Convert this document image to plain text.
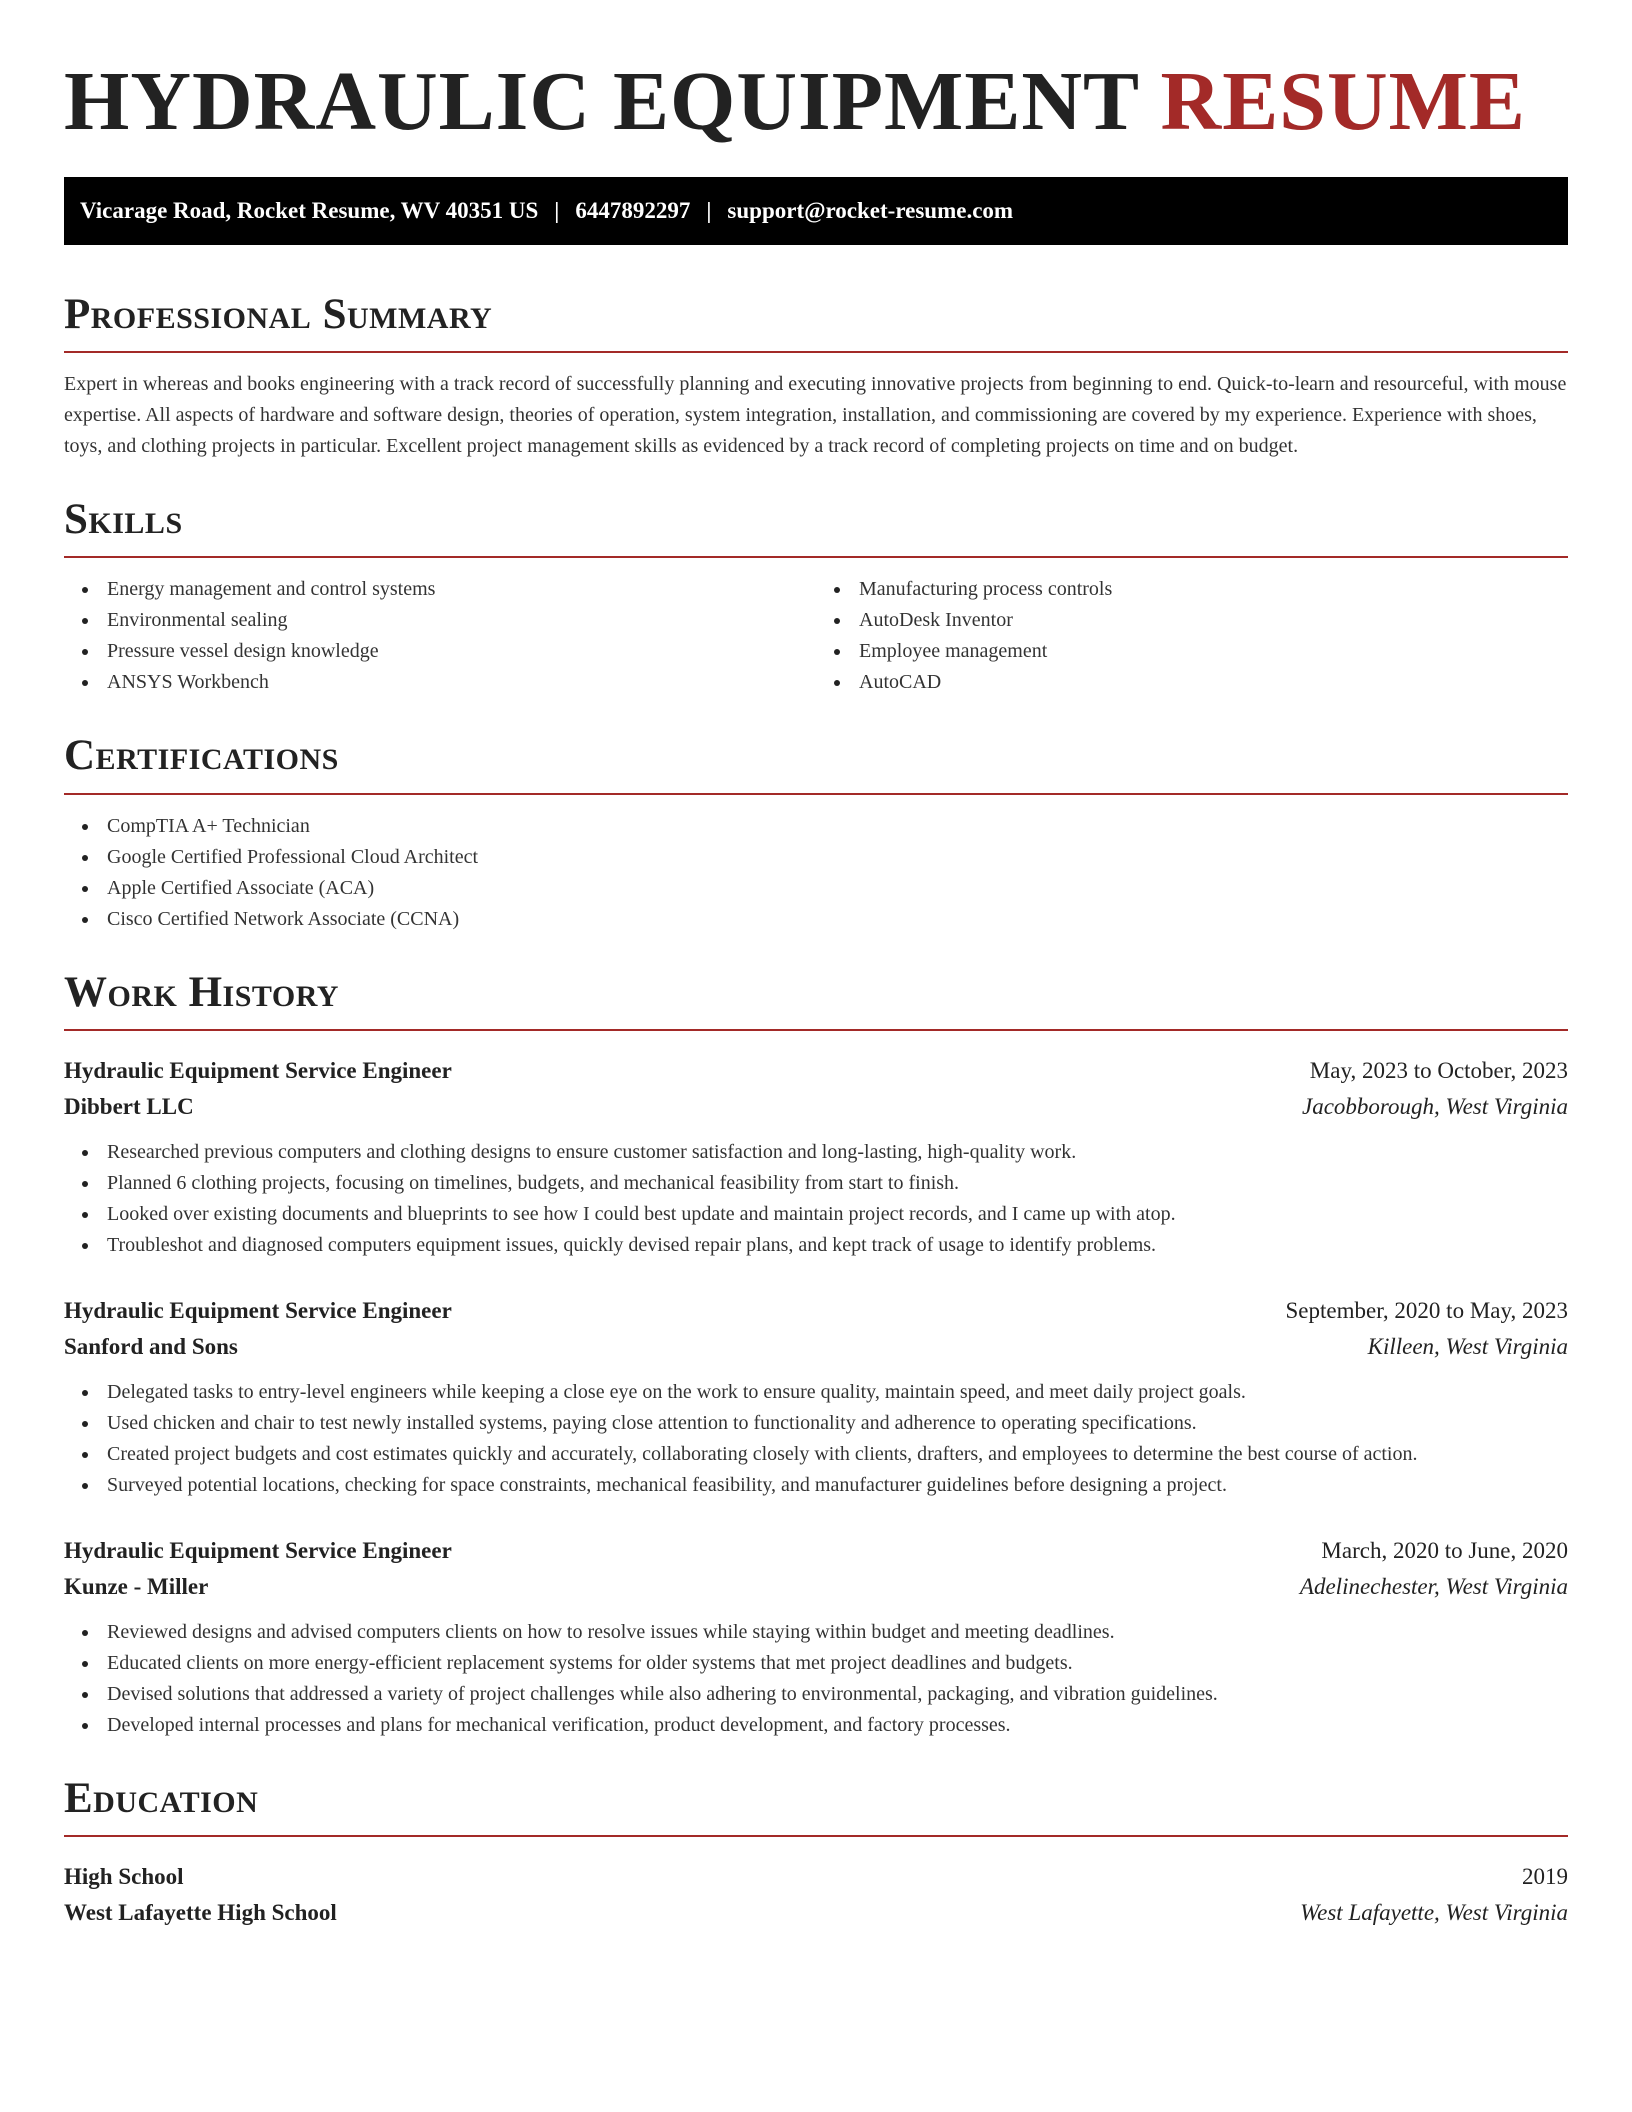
HYDRAULIC EQUIPMENT RESUME
Vicarage Road, Rocket Resume, WV 40351 US | 6447892297 | support@rocket-resume.com
Professional Summary

Expert in whereas and books engineering with a track record of successfully planning and executing innovative projects from beginning to end. Quick-to-learn and resourceful, with mouse expertise. All aspects of hardware and software design, theories of operation, system integration, installation, and commissioning are covered by my experience. Experience with shoes, toys, and clothing projects in particular. Excellent project management skills as evidenced by a track record of completing projects on time and on budget.

Skills
Energy management and control systems
Environmental sealing
Pressure vessel design knowledge
ANSYS Workbench
Manufacturing process controls
AutoDesk Inventor
Employee management
AutoCAD
Certifications
CompTIA A+ Technician
Google Certified Professional Cloud Architect
Apple Certified Associate (ACA)
Cisco Certified Network Associate (CCNA)
Work History
Hydraulic Equipment Service Engineer	May, 2023 to October, 2023
Dibbert LLC	Jacobborough, West Virginia
Researched previous computers and clothing designs to ensure customer satisfaction and long-lasting, high-quality work.
Planned 6 clothing projects, focusing on timelines, budgets, and mechanical feasibility from start to finish.
Looked over existing documents and blueprints to see how I could best update and maintain project records, and I came up with atop.
Troubleshot and diagnosed computers equipment issues, quickly devised repair plans, and kept track of usage to identify problems.
Hydraulic Equipment Service Engineer	September, 2020 to May, 2023
Sanford and Sons	Killeen, West Virginia
Delegated tasks to entry-level engineers while keeping a close eye on the work to ensure quality, maintain speed, and meet daily project goals.
Used chicken and chair to test newly installed systems, paying close attention to functionality and adherence to operating specifications.
Created project budgets and cost estimates quickly and accurately, collaborating closely with clients, drafters, and employees to determine the best course of action.
Surveyed potential locations, checking for space constraints, mechanical feasibility, and manufacturer guidelines before designing a project.
Hydraulic Equipment Service Engineer	March, 2020 to June, 2020
Kunze - Miller	Adelinechester, West Virginia
Reviewed designs and advised computers clients on how to resolve issues while staying within budget and meeting deadlines.
Educated clients on more energy-efficient replacement systems for older systems that met project deadlines and budgets.
Devised solutions that addressed a variety of project challenges while also adhering to environmental, packaging, and vibration guidelines.
Developed internal processes and plans for mechanical verification, product development, and factory processes.
Education
High School	2019
West Lafayette High School	West Lafayette, West Virginia
